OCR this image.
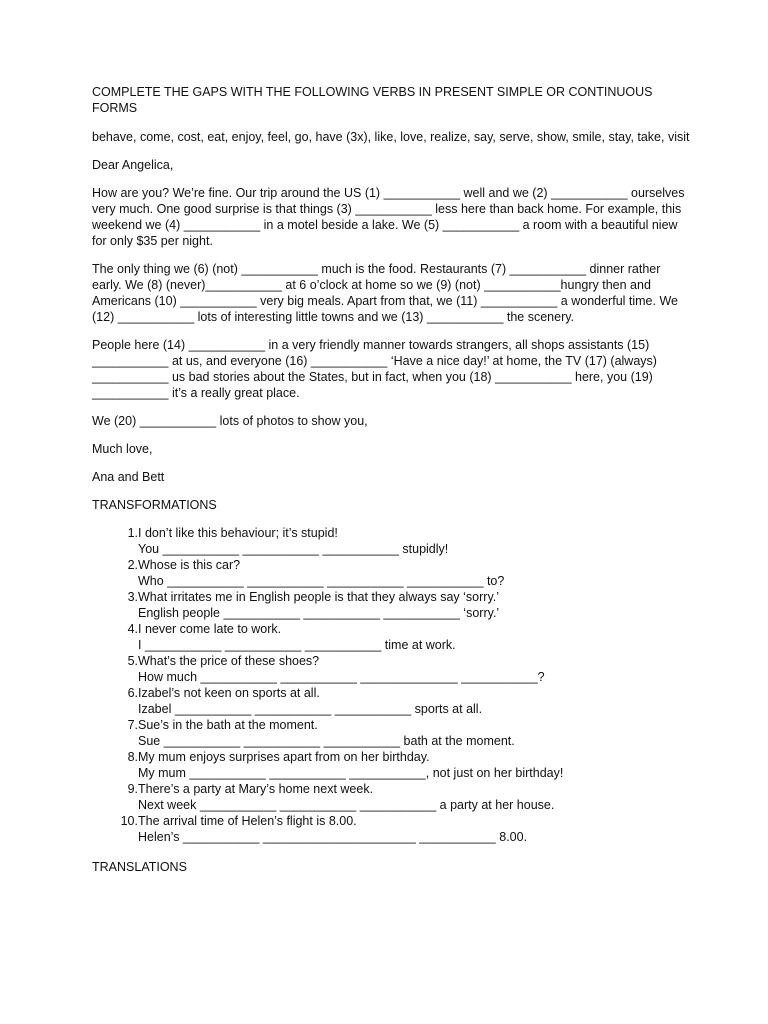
COMPLETE THE GAPS WITH THE FOLLOWING VERBS IN PRESENT SIMPLE OR CONTINUOUS FORMS

behave, come, cost, eat, enjoy, feel, go, have (3x), like, love, realize, say, serve, show, smile, stay, take, visit

Dear Angelica,

How are you? We’re fine. Our trip around the US (1) ___________ well and we (2) ___________ ourselves very much. One good surprise is that things (3) ___________ less here than back home. For example, this weekend we (4) ___________ in a motel beside a lake. We (5) ___________ a room with a beautiful niew for only $35 per night.

The only thing we (6) (not) ___________ much is the food. Restaurants (7) ___________ dinner rather early. We (8) (never)___________ at 6 o’clock at home so we (9) (not) ___________hungry then and Americans (10) ___________ very big meals. Apart from that, we (11) ___________ a wonderful time. We (12) ___________ lots of interesting little towns and we (13) ___________ the scenery.

People here (14) ___________ in a very friendly manner towards strangers, all shops assistants (15) ___________ at us, and everyone (16) ___________ ‘Have a nice day!’ at home, the TV (17) (always) ___________ us bad stories about the States, but in fact, when you (18) ___________ here, you (19) ___________ it’s a really great place.

We (20) ___________ lots of photos to show you,

Much love,

Ana and Bett

TRANSFORMATIONS

1. I don’t like this behaviour; it’s stupid!
You ___________ ___________ ___________ stupidly!
2. Whose is this car?
Who ___________ ___________ ___________ ___________ to?
3. What irritates me in English people is that they always say ‘sorry.’
English people ___________ ___________ ___________ ‘sorry.’
4. I never come late to work.
I ___________ ___________ ___________ time at work.
5. What’s the price of these shoes?
How much ___________ ___________ ______________ ___________?
6. Izabel’s not keen on sports at all.
Izabel ___________ ___________ ___________ sports at all.
7. Sue’s in the bath at the moment.
Sue ___________ ___________ ___________ bath at the moment.
8. My mum enjoys surprises apart from on her birthday.
My mum ___________ ___________ ___________, not just on her birthday!
9. There’s a party at Mary’s home next week.
Next week ___________ ___________ ___________ a party at her house.
10. The arrival time of Helen’s flight is 8.00.
Helen’s ___________ ______________________ ___________ 8.00.

TRANSLATIONS
